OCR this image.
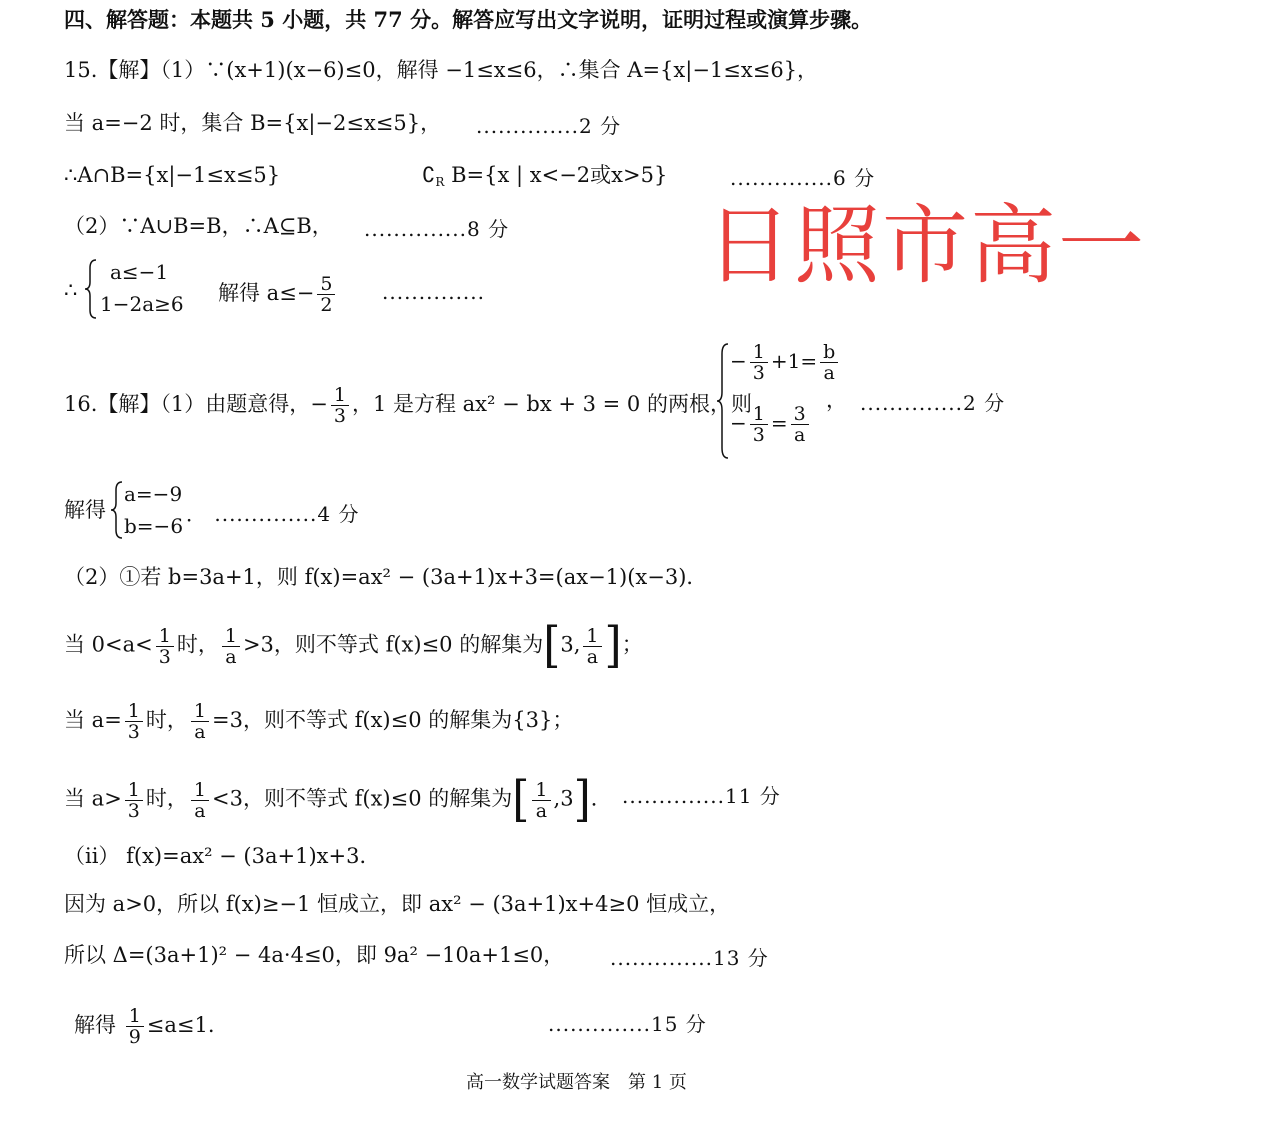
四、解答题：本题共 5 小题，共 77 分。解答应写出文字说明，证明过程或演算步骤。
15.【解】（1）∵(x+1)(x−6)≤0，解得 −1≤x≤6，∴集合 A={x|−1≤x≤6}，
当 a=−2 时，集合 B={x|−2≤x≤5}， ..............2 分
∴A∩B={x|−1≤x≤5}	∁R B={x | x<−2或x>5}	..............6 分
（2）∵A∪B=B，∴A⊆B， ..............8 分
∴
a≤−1
1−2a≥6 解得 $a\le- \frac{5}{2}$ ..............	日照市高一
16.【解】（1）由题意得，− $\frac{1}{3}$ ，1 是方程 ax² − bx + 3 = 0 的两根，则
− $\frac{1}{3} +1= \frac{b}{a}$
− $\frac{1}{3} = \frac{3}{a}$
， ..............2 分
解得
a=−9
b=−6 ． ..............4 分
（2）①若 b=3a+1，则 f(x)=ax² − (3a+1)x+3=(ax−1)(x−3)．
当 $0<a< \frac{1}{3}$ 时， $\frac{1}{a} >3$，则不等式 f(x)≤0 的解集为[3, $\frac{1}{a}$ ]；
当 $a= \frac{1}{3}$ 时， $\frac{1}{a} =3$，则不等式 f(x)≤0 的解集为{3}；
当 $a> \frac{1}{3}$ 时， $\frac{1}{a} <3$，则不等式 f(x)≤0 的解集为[ $\frac{1}{a} ,3$]． ..............11 分
（ii） f(x)=ax² − (3a+1)x+3．
因为 a>0，所以 f(x)≥−1 恒成立，即 ax² − (3a+1)x+4≥0 恒成立，
所以 Δ=(3a+1)² − 4a·4≤0，即 9a² −10a+1≤0， ..............13 分
解得 $\frac{1}{9} \le a\le 1$.	..............15 分
高一数学试题答案　第 1 页
